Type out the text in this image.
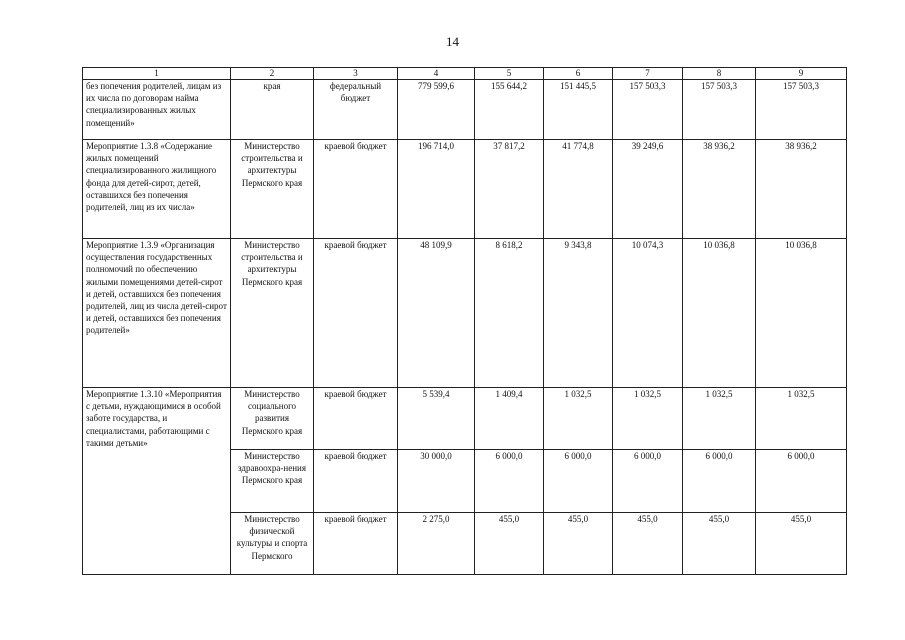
14
1	2	3	4	5	6	7	8	9
без попечения родителей, лицам из их числа по договорам найма специализированных жилых помещений»	края	федеральный бюджет	779 599,6	155 644,2	151 445,5	157 503,3	157 503,3	157 503,3
Мероприятие 1.3.8 «Содержание жилых помещений специализированного жилищного фонда для детей-сирот, детей, оставшихся без попечения родителей, лиц из их числа»	Министерство строительства и архитектуры Пермского края	краевой бюджет	196 714,0	37 817,2	41 774,8	39 249,6	38 936,2	38 936,2
Мероприятие 1.3.9 «Организация осуществления государственных полномочий по обеспечению жилыми помещениями детей-сирот и детей, оставшихся без попечения родителей, лиц из числа детей-сирот и детей, оставшихся без попечения родителей»	Министерство строительства и архитектуры Пермского края	краевой бюджет	48 109,9	8 618,2	9 343,8	10 074,3	10 036,8	10 036,8
Мероприятие 1.3.10 «Мероприятия с детьми, нуждающимися в особой заботе государства, и специалистами, работающими с такими детьми»	Министерство социального развития Пермского края	краевой бюджет	5 539,4	1 409,4	1 032,5	1 032,5	1 032,5	1 032,5
	Министерство здравоохра-нения Пермского края	краевой бюджет	30 000,0	6 000,0	6 000,0	6 000,0	6 000,0	6 000,0
	Министерство физической культуры и спорта Пермского	краевой бюджет	2 275,0	455,0	455,0	455,0	455,0	455,0
